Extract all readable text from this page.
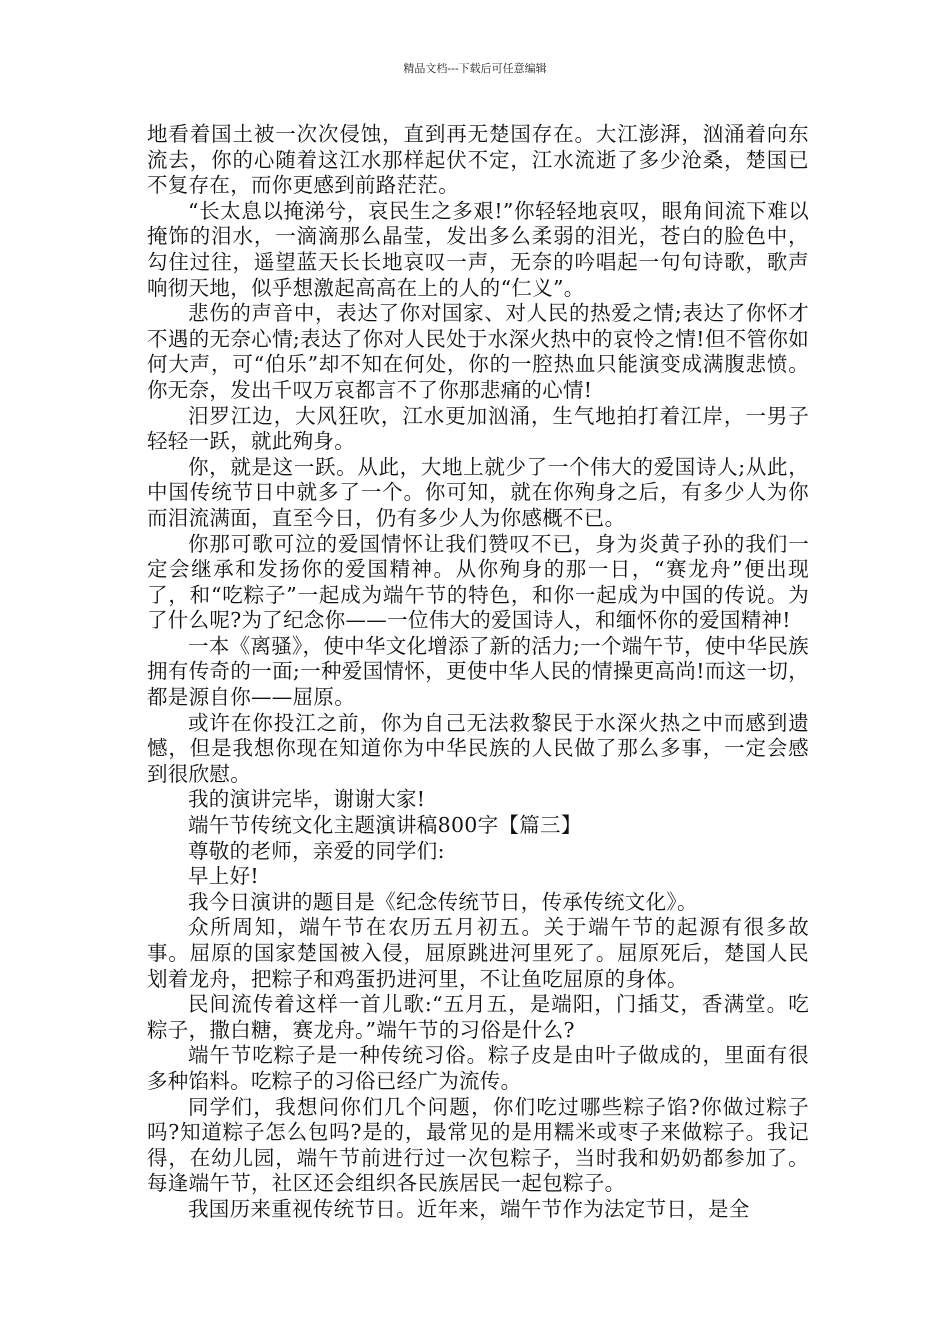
精品文档---下载后可任意编辑

地看着国土被一次次侵蚀，直到再无楚国存在。大江澎湃，汹涌着向东流去，你的心随着这江水那样起伏不定，江水流逝了多少沧桑，楚国已不复存在，而你更感到前路茫茫。

“长太息以掩涕兮，哀民生之多艰!”你轻轻地哀叹，眼角间流下难以掩饰的泪水，一滴滴那么晶莹，发出多么柔弱的泪光，苍白的脸色中，勾住过往，遥望蓝天长长地哀叹一声，无奈的吟唱起一句句诗歌，歌声响彻天地，似乎想激起高高在上的人的“仁义”。

悲伤的声音中，表达了你对国家、对人民的热爱之情;表达了你怀才不遇的无奈心情;表达了你对人民处于水深火热中的哀怜之情!但不管你如何大声，可“伯乐”却不知在何处，你的一腔热血只能演变成满腹悲愤。你无奈，发出千叹万哀都言不了你那悲痛的心情!

汨罗江边，大风狂吹，江水更加汹涌，生气地拍打着江岸，一男子轻轻一跃，就此殉身。

你，就是这一跃。从此，大地上就少了一个伟大的爱国诗人;从此，中国传统节日中就多了一个。你可知，就在你殉身之后，有多少人为你而泪流满面，直至今日，仍有多少人为你感概不已。

你那可歌可泣的爱国情怀让我们赞叹不已，身为炎黄子孙的我们一定会继承和发扬你的爱国精神。从你殉身的那一日，“赛龙舟”便出现了，和“吃粽子”一起成为端午节的特色，和你一起成为中国的传说。为了什么呢?为了纪念你——一位伟大的爱国诗人，和缅怀你的爱国精神!

一本《离骚》，使中华文化增添了新的活力;一个端午节，使中华民族拥有传奇的一面;一种爱国情怀，更使中华人民的情操更高尚!而这一切，都是源自你——屈原。

或许在你投江之前，你为自己无法救黎民于水深火热之中而感到遗憾，但是我想你现在知道你为中华民族的人民做了那么多事，一定会感到很欣慰。

我的演讲完毕，谢谢大家!

端午节传统文化主题演讲稿800字【篇三】

尊敬的老师，亲爱的同学们:

早上好!

我今日演讲的题目是《纪念传统节日，传承传统文化》。

众所周知，端午节在农历五月初五。关于端午节的起源有很多故事。屈原的国家楚国被入侵，屈原跳进河里死了。屈原死后，楚国人民划着龙舟，把粽子和鸡蛋扔进河里，不让鱼吃屈原的身体。

民间流传着这样一首儿歌:“五月五，是端阳，门插艾，香满堂。吃粽子，撒白糖，赛龙舟。”端午节的习俗是什么?

端午节吃粽子是一种传统习俗。粽子皮是由叶子做成的，里面有很多种馅料。吃粽子的习俗已经广为流传。

同学们，我想问你们几个问题，你们吃过哪些粽子馅?你做过粽子吗?知道粽子怎么包吗?是的，最常见的是用糯米或枣子来做粽子。我记得，在幼儿园，端午节前进行过一次包粽子，当时我和奶奶都参加了。每逢端午节，社区还会组织各民族居民一起包粽子。

我国历来重视传统节日。近年来，端午节作为法定节日，是全
